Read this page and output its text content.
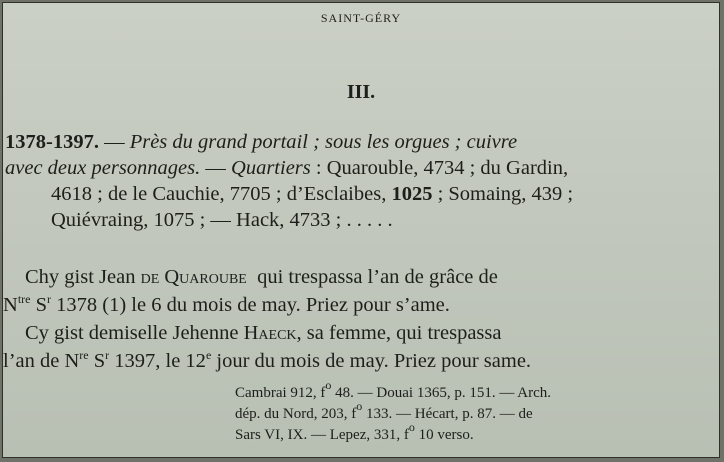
SAINT-GÉRY
III.
1378-1397. — Près du grand portail ; sous les orgues ; cuivre
avec deux personnages. — Quartiers : Quarouble, 4734 ; du Gardin,
4618 ; de le Cauchie, 7705 ; d’Esclaibes, 1025 ; Somaing, 439 ;
Quiévraing, 1075 ; — Hack, 4733 ; . . . . .
Chy gist Jean de Quaroube  qui trespassa l’an de grâce de
$N^{tre}$ $S^r$ 1378 (1) le 6 du mois de may. Priez pour s’ame.
Cy gist demiselle Jehenne Haeck, sa femme, qui trespassa
l’an de $N^{re}$ $S^r$ 1397, le 12e jour du mois de may. Priez pour same.
Cambrai 912, $f^o$ 48. — Douai 1365, p. 151. — Arch.
dép. du Nord, 203, $f^o$ 133. — Hécart, p. 87. — de
Sars VI, IX. — Lepez, 331, $f^o$ 10 verso.
